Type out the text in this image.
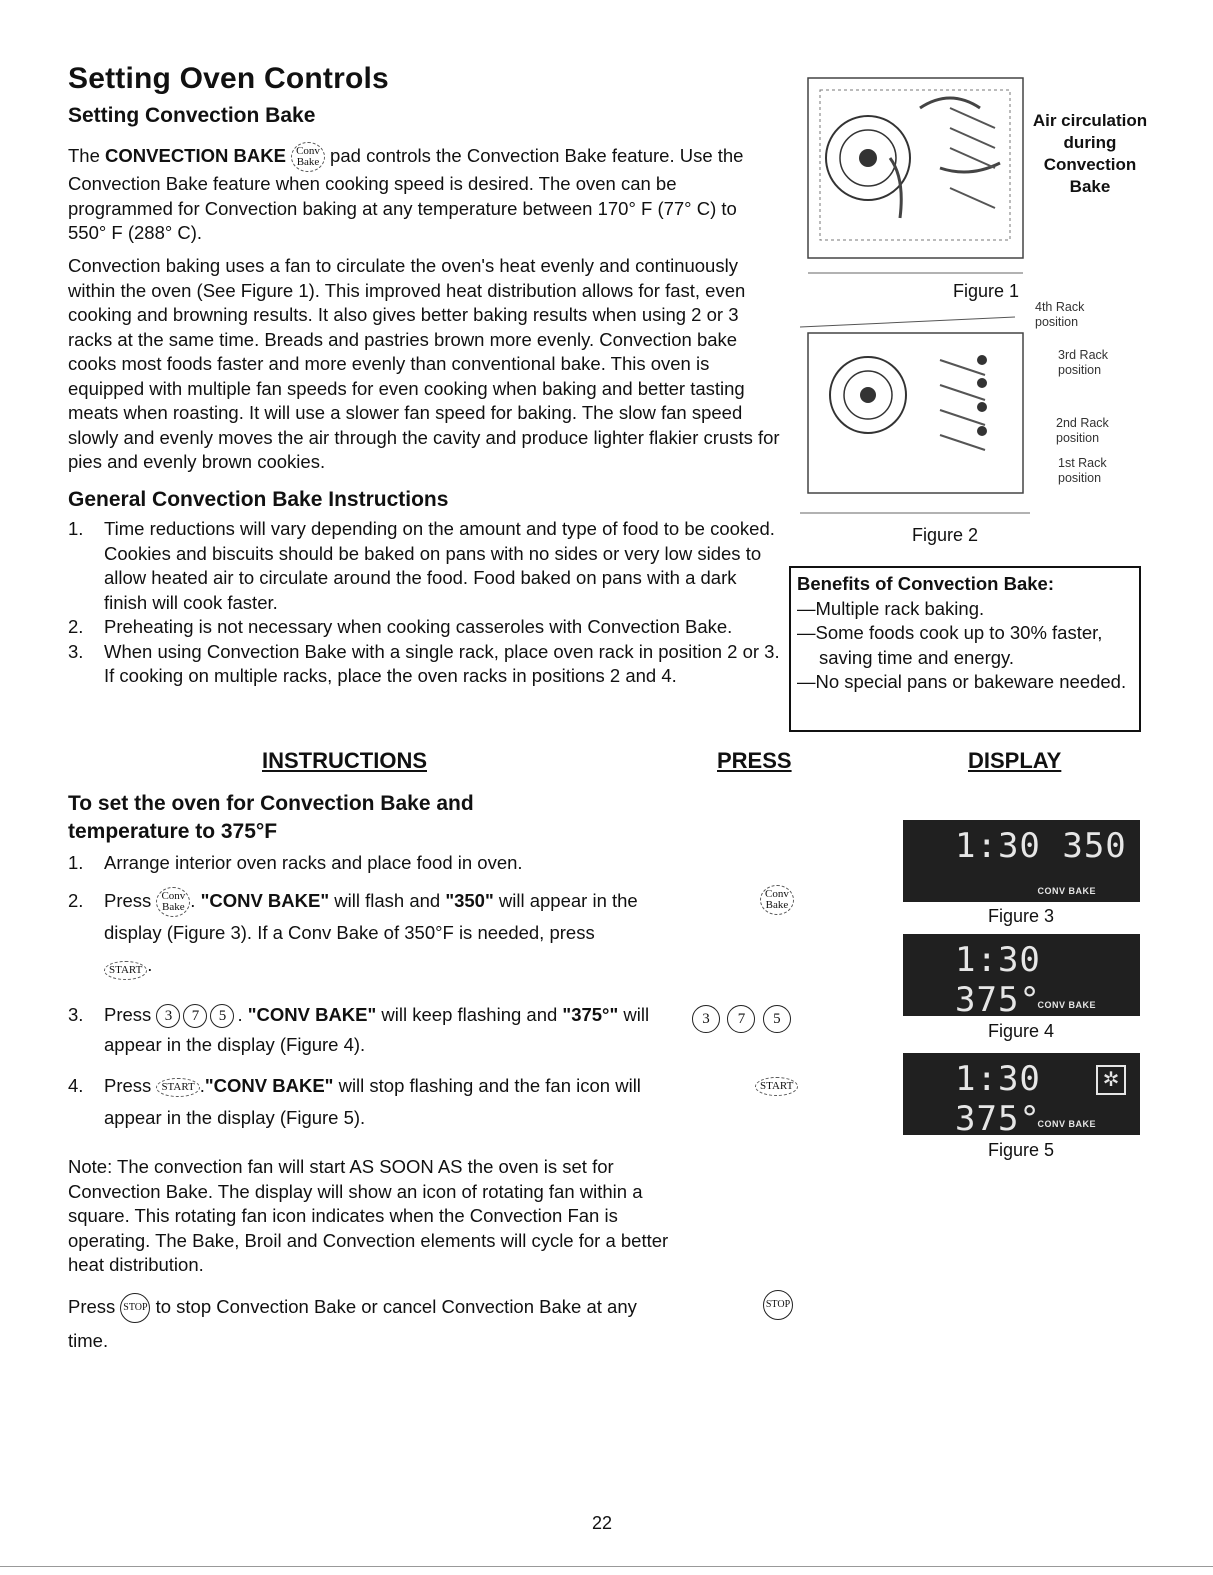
Setting Oven Controls
Setting Convection Bake

The CONVECTION BAKE Conv
Bake pad controls the Convection Bake feature. Use the Convection Bake feature when cooking speed is desired. The oven can be programmed for Convection baking at any temperature between 170° F (77° C) to 550° F (288° C).

Convection baking uses a fan to circulate the oven's heat evenly and continuously within the oven (See Figure 1). This improved heat distribution allows for fast, even cooking and browning results. It also gives better baking results when using 2 or 3 racks at the same time. Breads and pastries brown more evenly. Convection bake cooks most foods faster and more evenly than conventional bake. This oven is equipped with multiple fan speeds for even cooking when baking and better tasting meats when roasting. It will use a slower fan speed for baking. The slow fan speed slowly and evenly moves the air through the cavity and produce lighter flakier crusts for pies and evenly brown cookies.

General Convection Bake Instructions
1. Time reductions will vary depending on the amount and type of food to be cooked. Cookies and biscuits should be baked on pans with no sides or very low sides to allow heated air to circulate around the food. Food baked on pans with a dark finish will cook faster.
2. Preheating is not necessary when cooking casseroles with Convection Bake.
3. When using Convection Bake with a single rack, place oven rack in position 2 or 3. If cooking on multiple racks, place the oven racks in positions 2 and 4.
Air circulation during Convection Bake
Figure 1
4th Rack position
3rd Rack position
2nd Rack position
1st Rack position
Figure 2
Benefits of Convection Bake:
—Multiple rack baking.
—Some foods cook up to 30% faster, saving time and energy.
—No special pans or bakeware needed.
INSTRUCTIONS	PRESS	DISPLAY
To set the oven for Convection Bake and temperature to 375°F
1. Arrange interior oven racks and place food in oven.
2. Press Conv
Bake . "CONV BAKE" will flash and "350" will appear in the display (Figure 3). If a Conv Bake of 350°F is needed, press
START .
3. Press 3 7 5 . "CONV BAKE" will keep flashing and "375°" will appear in the display (Figure 4).
4. Press START ."CONV BAKE" will stop flashing and the fan icon will appear in the display (Figure 5).

Note: The convection fan will start AS SOON AS the oven is set for Convection Bake. The display will show an icon of rotating fan within a square. This rotating fan icon indicates when the Convection Fan is operating. The Bake, Broil and Convection elements will cycle for a better heat distribution.

Press STOP to stop Convection Bake or cancel Convection Bake at any time.
Conv
Bake
3 7 5
START
STOP
1:30 350
CONV BAKE
Figure 3
1:30 375°
CONV BAKE
Figure 4
1:30 375°
CONV BAKE
✲
Figure 5
22
